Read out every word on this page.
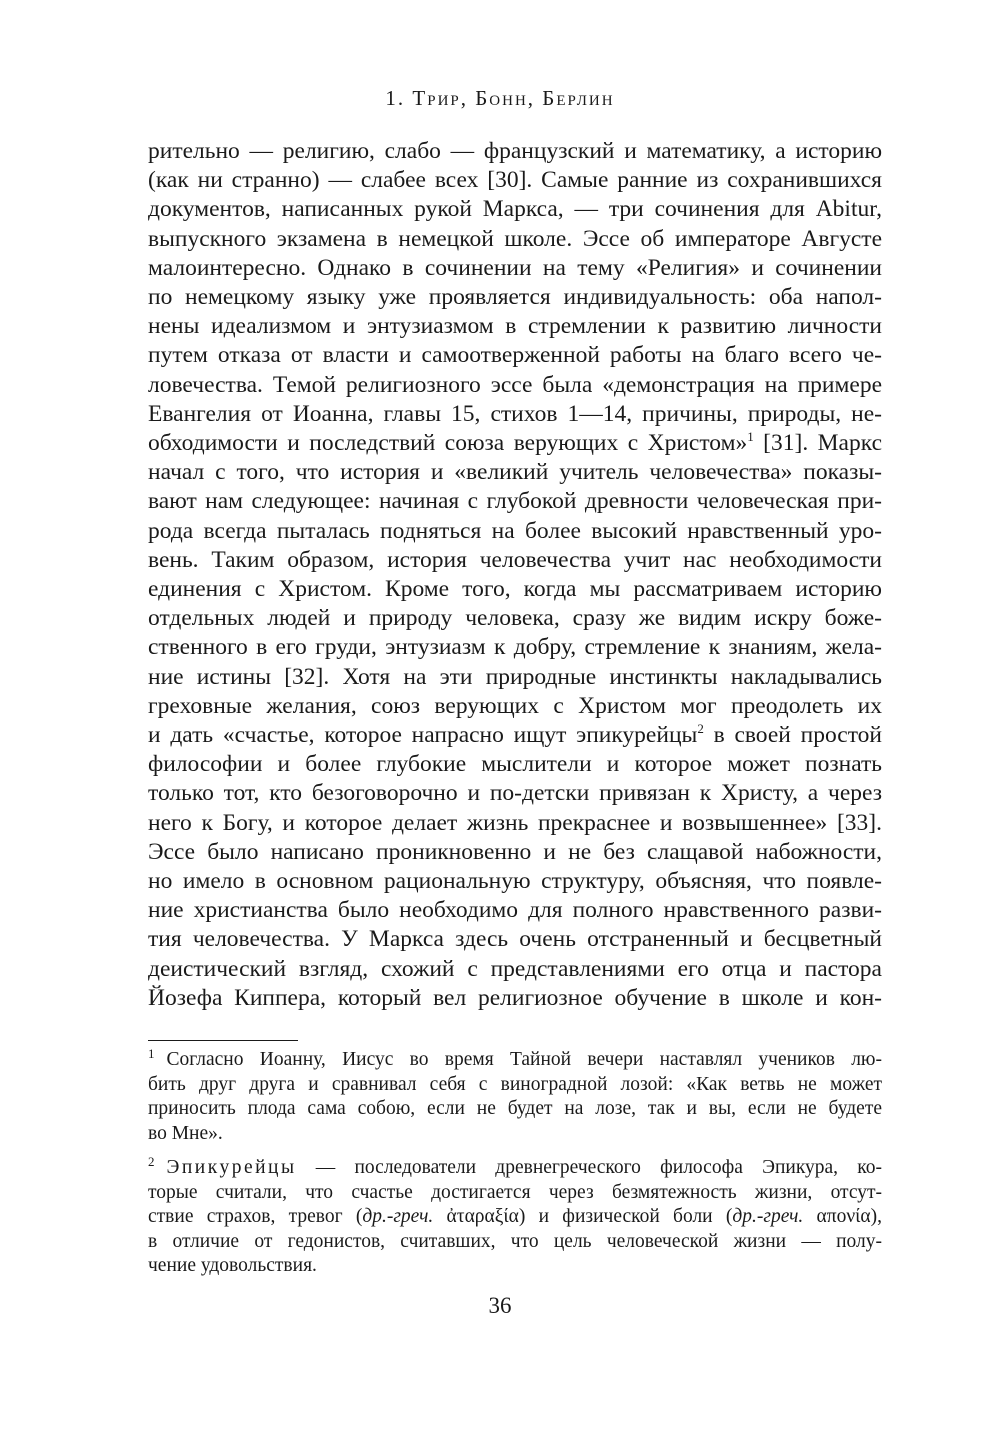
1. Трир, Бонн, Берлин
рительно — религию, слабо — французский и математику, а историю
(как ни странно) — слабее всех [30]. Самые ранние из сохранившихся
документов, написанных рукой Маркса, — три сочинения для Abitur,
выпускного экзамена в немецкой школе. Эссе об императоре Августе
малоинтересно. Однако в сочинении на тему «Религия» и сочинении
по немецкому языку уже проявляется индивидуальность: оба напол-
нены идеализмом и энтузиазмом в стремлении к развитию личности
путем отказа от власти и самоотверженной работы на благо всего че-
ловечества. Темой религиозного эссе была «демонстрация на примере
Евангелия от Иоанна, главы 15, стихов 1—14, причины, природы, не-
обходимости и последствий союза верующих с Христом»$^1$ [31]. Маркс
начал с того, что история и «великий учитель человечества» показы-
вают нам следующее: начиная с глубокой древности человеческая при-
рода всегда пыталась подняться на более высокий нравственный уро-
вень. Таким образом, история человечества учит нас необходимости
единения с Христом. Кроме того, когда мы рассматриваем историю
отдельных людей и природу человека, сразу же видим искру боже-
ственного в его груди, энтузиазм к добру, стремление к знаниям, жела-
ние истины [32]. Хотя на эти природные инстинкты накладывались
греховные желания, союз верующих с Христом мог преодолеть их
и дать «счастье, которое напрасно ищут эпикурейцы$^2$ в своей простой
философии и более глубокие мыслители и которое может познать
только тот, кто безоговорочно и по-детски привязан к Христу, а через
него к Богу, и которое делает жизнь прекраснее и возвышеннее» [33].
Эссе было написано проникновенно и не без слащавой набожности,
но имело в основном рациональную структуру, объясняя, что появле-
ние христианства было необходимо для полного нравственного разви-
тия человечества. У Маркса здесь очень отстраненный и бесцветный
деистический взгляд, схожий с представлениями его отца и пастора
Йозефа Киппера, который вел религиозное обучение в школе и кон-
$^1$ Согласно Иоанну, Иисус во время Тайной вечери наставлял учеников лю-
бить друг друга и сравнивал себя с виноградной лозой: «Как ветвь не может
приносить плода сама собою, если не будет на лозе, так и вы, если не будете
во Мне».
$^2$ Эпикурейцы — последователи древнегреческого философа Эпикура, ко-
торые считали, что счастье достигается через безмятежность жизни, отсут-
ствие страхов, тревог (др.-греч. ἀταραξία) и физической боли (др.-греч. απονία),
в отличие от гедонистов, считавших, что цель человеческой жизни — полу-
чение удовольствия.
36
